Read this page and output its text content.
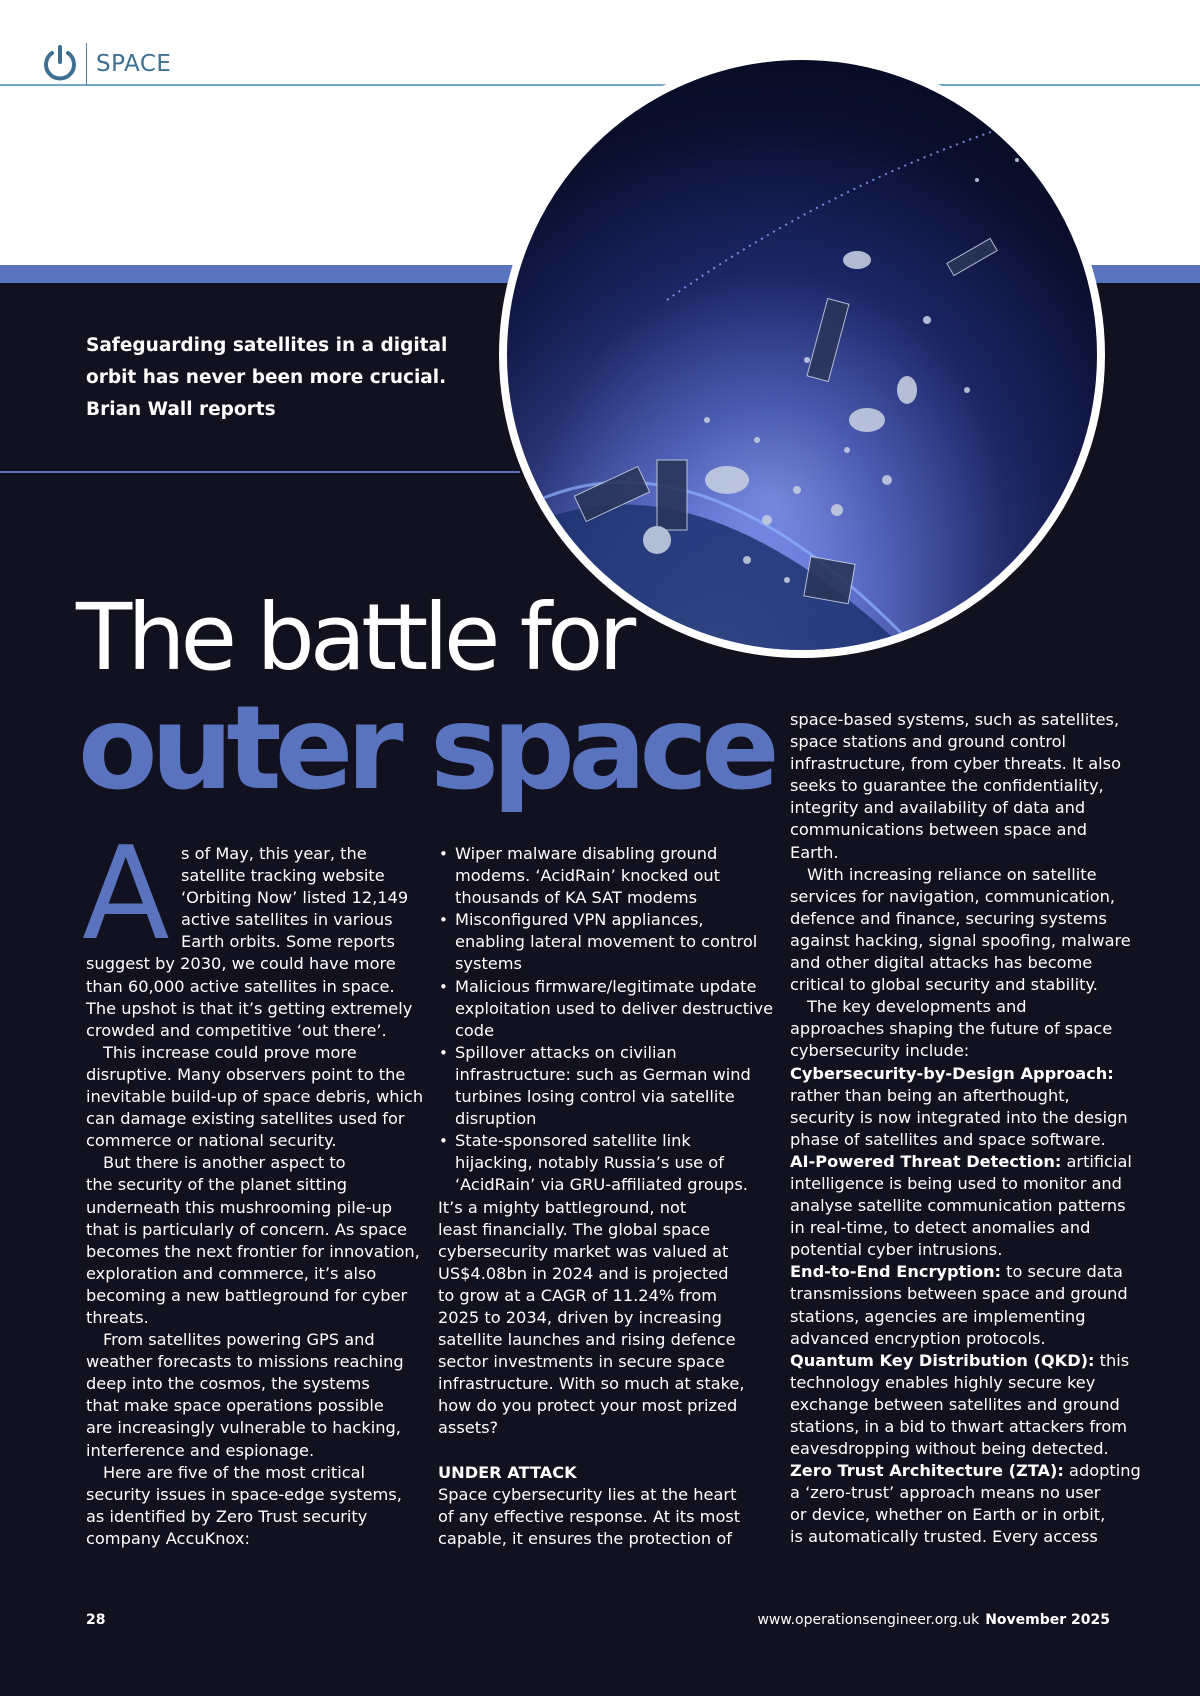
SPACE
Safeguarding satellites in a digital
orbit has never been more crucial.
Brian Wall reports
The battle for
outer space
A s of May, this year, the

satellite tracking website

‘Orbiting Now’ listed 12,149

active satellites in various

Earth orbits. Some reports

suggest by 2030, we could have more

than 60,000 active satellites in space.

The upshot is that it’s getting extremely

crowded and competitive ‘out there’.

This increase could prove more

disruptive. Many observers point to the

inevitable build-up of space debris, which

can damage existing satellites used for

commerce or national security.

But there is another aspect to

the security of the planet sitting

underneath this mushrooming pile-up

that is particularly of concern. As space

becomes the next frontier for innovation,

exploration and commerce, it’s also

becoming a new battleground for cyber

threats.

From satellites powering GPS and

weather forecasts to missions reaching

deep into the cosmos, the systems

that make space operations possible

are increasingly vulnerable to hacking,

interference and espionage.

Here are five of the most critical

security issues in space-edge systems,

as identified by Zero Trust security

company AccuKnox:

• Wiper malware disabling ground
modems. ‘AcidRain’ knocked out
thousands of KA SAT modems
• Misconfigured VPN appliances,
enabling lateral movement to control
systems
• Malicious firmware/legitimate update
exploitation used to deliver destructive
code
• Spillover attacks on civilian
infrastructure: such as German wind
turbines losing control via satellite
disruption
• State-sponsored satellite link
hijacking, notably Russia’s use of
‘AcidRain’ via GRU-affiliated groups.

It’s a mighty battleground, not

least financially. The global space

cybersecurity market was valued at

US$4.08bn in 2024 and is projected

to grow at a CAGR of 11.24% from

2025 to 2034, driven by increasing

satellite launches and rising defence

sector investments in secure space

infrastructure. With so much at stake,

how do you protect your most prized

assets?

UNDER ATTACK

Space cybersecurity lies at the heart

of any effective response. At its most

capable, it ensures the protection of

space-based systems, such as satellites,

space stations and ground control

infrastructure, from cyber threats. It also

seeks to guarantee the confidentiality,

integrity and availability of data and

communications between space and

Earth.

With increasing reliance on satellite

services for navigation, communication,

defence and finance, securing systems

against hacking, signal spoofing, malware

and other digital attacks has become

critical to global security and stability.

The key developments and

approaches shaping the future of space

cybersecurity include:

Cybersecurity-by-Design Approach:

rather than being an afterthought,

security is now integrated into the design

phase of satellites and space software.

AI-Powered Threat Detection: artificial

intelligence is being used to monitor and

analyse satellite communication patterns

in real-time, to detect anomalies and

potential cyber intrusions.

End-to-End Encryption: to secure data

transmissions between space and ground

stations, agencies are implementing

advanced encryption protocols.

Quantum Key Distribution (QKD): this

technology enables highly secure key

exchange between satellites and ground

stations, in a bid to thwart attackers from

eavesdropping without being detected.

Zero Trust Architecture (ZTA): adopting

a ‘zero-trust’ approach means no user

or device, whether on Earth or in orbit,

is automatically trusted. Every access

28	www.operationsengineer.org.uk November 2025
